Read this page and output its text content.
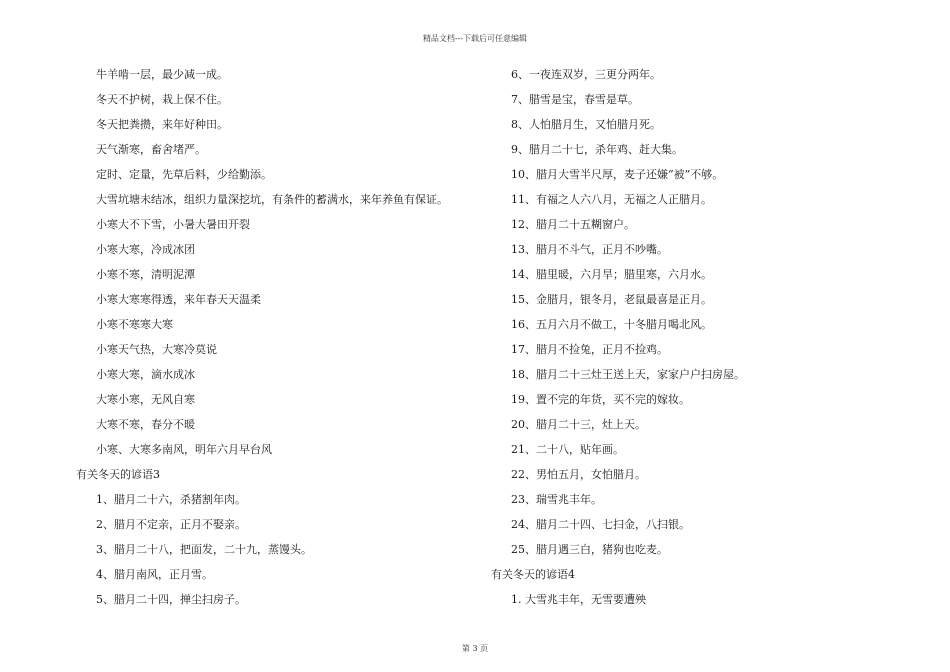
精品文档---下载后可任意编辑
牛羊啃一层，最少减一成。
冬天不护树，栽上保不住。
冬天把粪攒，来年好种田。
天气渐寒，畜舍堵严。
定时、定量，先草后料，少给勤添。
大雪坑塘未结冰，组织力量深挖坑，有条件的蓄满水，来年养鱼有保证。
小寒大不下雪，小暑大暑田开裂
小寒大寒，冷成冰团
小寒不寒，清明泥潭
小寒大寒寒得透，来年春天天温柔
小寒不寒寒大寒
小寒天气热，大寒冷莫说
小寒大寒，滴水成冰
大寒小寒，无风自寒
大寒不寒，春分不暖
小寒、大寒多南风，明年六月早台风
有关冬天的谚语3
1、腊月二十六，杀猪割年肉。
2、腊月不定亲，正月不娶亲。
3、腊月二十八，把面发，二十九，蒸馒头。
4、腊月南风，正月雪。
5、腊月二十四，掸尘扫房子。
6、一夜连双岁，三更分两年。
7、腊雪是宝，春雪是草。
8、人怕腊月生，又怕腊月死。
9、腊月二十七，杀年鸡、赶大集。
10、腊月大雪半尺厚，麦子还嫌“被”不够。
11、有福之人六八月，无福之人正腊月。
12、腊月二十五糊窗户。
13、腊月不斗气，正月不吵嘴。
14、腊里暖，六月旱；腊里寒，六月水。
15、金腊月，银冬月，老鼠最喜是正月。
16、五月六月不做工，十冬腊月喝北风。
17、腊月不捡兔，正月不捡鸡。
18、腊月二十三灶王送上天，家家户户扫房屋。
19、置不完的年货，买不完的嫁妆。
20、腊月二十三，灶上天。
21、二十八，贴年画。
22、男怕五月，女怕腊月。
23、瑞雪兆丰年。
24、腊月二十四、七扫金，八扫银。
25、腊月遇三白，猪狗也吃麦。
有关冬天的谚语4
1. 大雪兆丰年，无雪要遭殃
第 3 页
